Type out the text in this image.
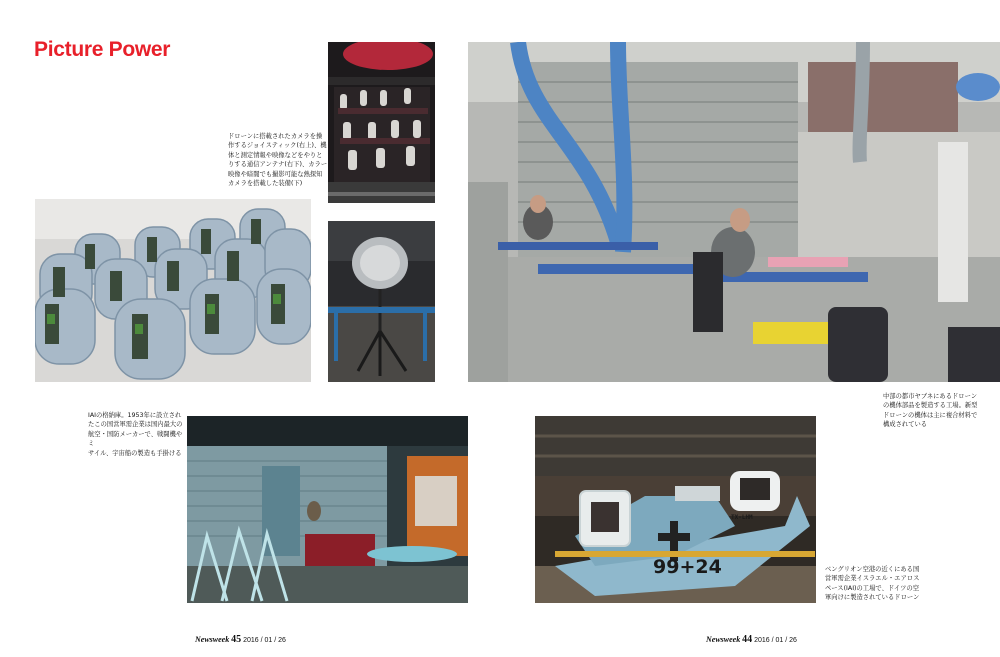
Picture Power
ドローンに搭載されたカメラを操
作するジョイスティック(右上)、機
体と測定情報や映像などをやりと
りする通信アンテナ(右下)、カラー
映像や暗闇でも撮影可能な熱探知
カメラを搭載した装備(下)
IAIの格納庫。1953年に設立され
たこの国営軍需企業は国内最大の
航空・国防メーカーで、戦闘機やミ
サイル、宇宙船の製造も手掛ける
99+24
TX-LHM
中部の都市ヤブネにあるドローン
の機体部品を製造する工場。新型
ドローンの機体は主に複合材料で
構成されている
ベングリオン空港の近くにある国
営軍需企業イスラエル・エアロス
ペース(IAI)の工場で、ドイツの空
軍向けに製造されているドローン
Newsweek 45 2016 / 01 / 26	Newsweek 44 2016 / 01 / 26
